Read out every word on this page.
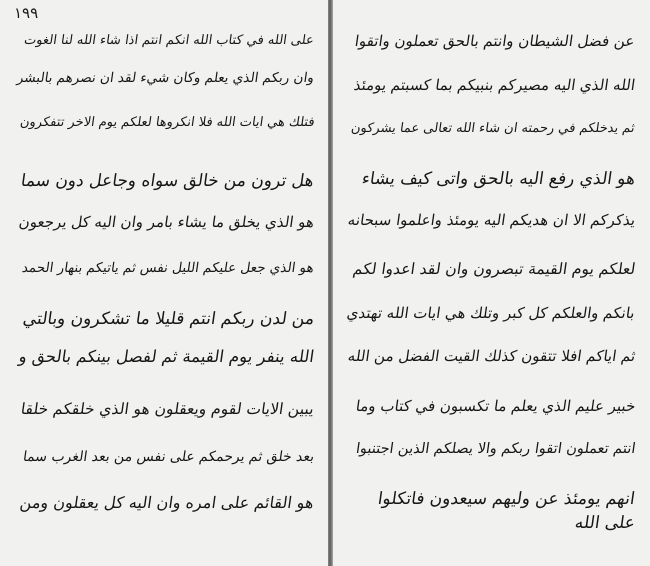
١٩٩
على الله في كتاب الله انكم انتم اذا شاء الله لنا الغوت
وان ربكم الذي يعلم وكان شيء لقد ان نصرهم بالبشر
فتلك هي ايات الله فلا انكروها لعلكم يوم الاخر تتفكرون
هل ترون من خالق سواه وجاعل دون سما
هو الذي يخلق ما يشاء بامر وان اليه كل يرجعون
هو الذي جعل عليكم الليل نفس ثم ياتيكم بنهار الحمد
من لدن ربكم انتم قليلا ما تشكرون وبالتي
الله ينفر يوم القيمة ثم لفصل بينكم بالحق و
يبين الايات لقوم ويعقلون هو الذي خلقكم خلقا
بعد خلق ثم يرحمكم على نفس من بعد الغرب سما
هو القائم على امره وان اليه كل يعقلون ومن
عن فضل الشيطان وانتم بالحق تعملون واتقوا
الله الذي اليه مصيركم بنبيكم بما كسبتم يومئذ
ثم يدخلكم في رحمته ان شاء الله تعالى عما يشركون
هو الذي رفع اليه بالحق واتى كيف يشاء
يذكركم الا ان هديكم اليه يومئذ واعلموا سبحانه
لعلكم يوم القيمة تبصرون وان لقد اعدوا لكم
بانكم والعلكم كل كبر وتلك هي ايات الله تهتدي
ثم اياكم افلا تتقون كذلك القيت الفضل من الله
خبير عليم الذي يعلم ما تكسبون في كتاب وما
انتم تعملون اتقوا ربكم والا يصلكم الذين اجتنبوا
انهم يومئذ عن وليهم سيعدون فاتكلوا
على الله
